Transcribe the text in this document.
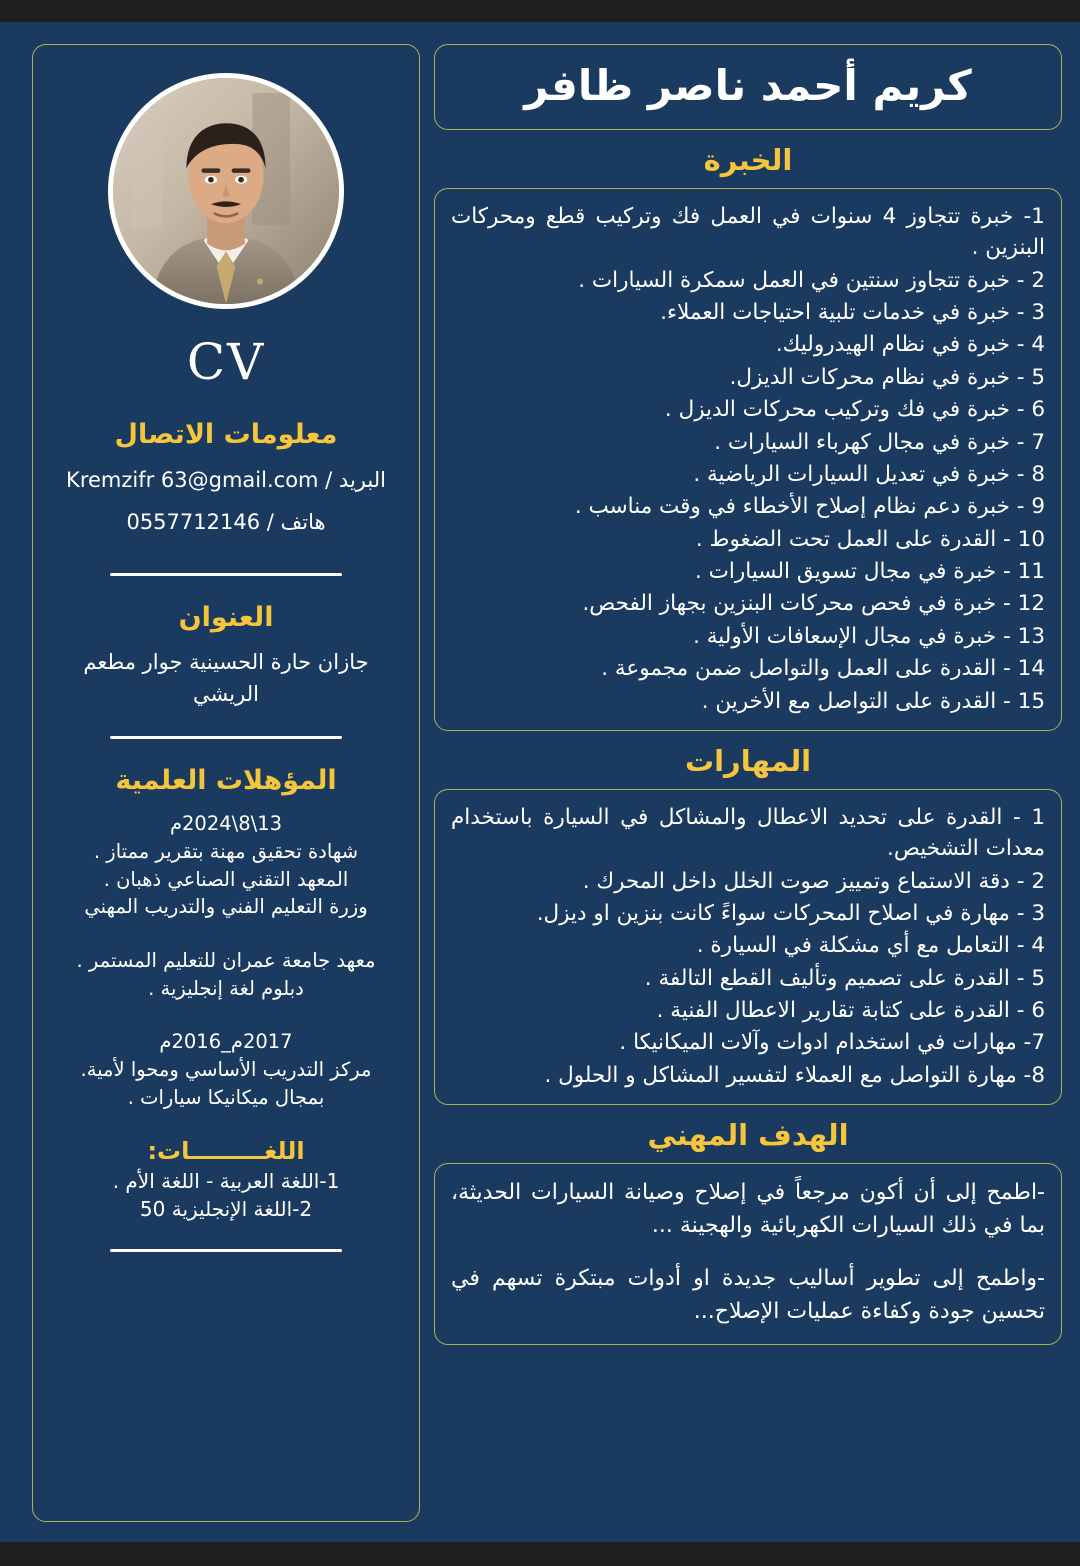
كريم أحمد ناصر ظافر
الخبرة
1- خبرة تتجاوز 4 سنوات في العمل فك وتركيب قطع ومحركات البنزين .
2 - خبرة تتجاوز سنتين في العمل سمكرة السيارات .
3 - خبرة في خدمات تلبية احتياجات العملاء.
4 - خبرة في نظام الهيدروليك.
5 - خبرة في نظام محركات الديزل.
6 - خبرة في فك وتركيب محركات الديزل .
7 - خبرة في مجال كهرباء السيارات .
8 - خبرة في تعديل السيارات الرياضية .
9 - خبرة دعم نظام إصلاح الأخطاء في وقت مناسب .
10 - القدرة على العمل تحت الضغوط .
11 - خبرة في مجال تسويق السيارات .
12 - خبرة في فحص محركات البنزين بجهاز الفحص.
13 - خبرة في مجال الإسعافات الأولية .
14 - القدرة على العمل والتواصل ضمن مجموعة .
15 - القدرة على التواصل مع الأخرين .
المهارات
1 - القدرة على تحديد الاعطال والمشاكل في السيارة باستخدام معدات التشخيص.
2 - دقة الاستماع وتمييز صوت الخلل داخل المحرك .
3 - مهارة في اصلاح المحركات سواءً كانت بنزين او ديزل.
4 - التعامل مع أي مشكلة في السيارة .
5 - القدرة على تصميم وتأليف القطع التالفة .
6 - القدرة على كتابة تقارير الاعطال الفنية .
7- مهارات في استخدام ادوات وآلات الميكانيكا .
8- مهارة التواصل مع العملاء لتفسير المشاكل و الحلول .
الهدف المهني

-اطمح إلى أن أكون مرجعاً في إصلاح وصيانة السيارات الحديثة، بما في ذلك السيارات الكهربائية والهجينة ...

-واطمح إلى تطوير أساليب جديدة او أدوات مبتكرة تسهم في تحسين جودة وكفاءة عمليات الإصلاح...

CV
معلومات الاتصال
البريد / Kremzifr 63@gmail.com
هاتف / 0557712146
العنوان
جازان حارة الحسينية جوار مطعم الريشي
المؤهلات العلمية
13\8\2024م
شهادة تحقيق مهنة بتقرير ممتاز .
المعهد التقني الصناعي ذهبان .
وزرة التعليم الفني والتدريب المهني
معهد جامعة عمران للتعليم المستمر .
دبلوم لغة إنجليزية .
2017م_2016م
مركز التدريب الأساسي ومحوا لأمية.
بمجال ميكانيكا سيارات .
اللغـــــــــات:
1-اللغة العربية - اللغة الأم .
2-اللغة الإنجليزية 50
